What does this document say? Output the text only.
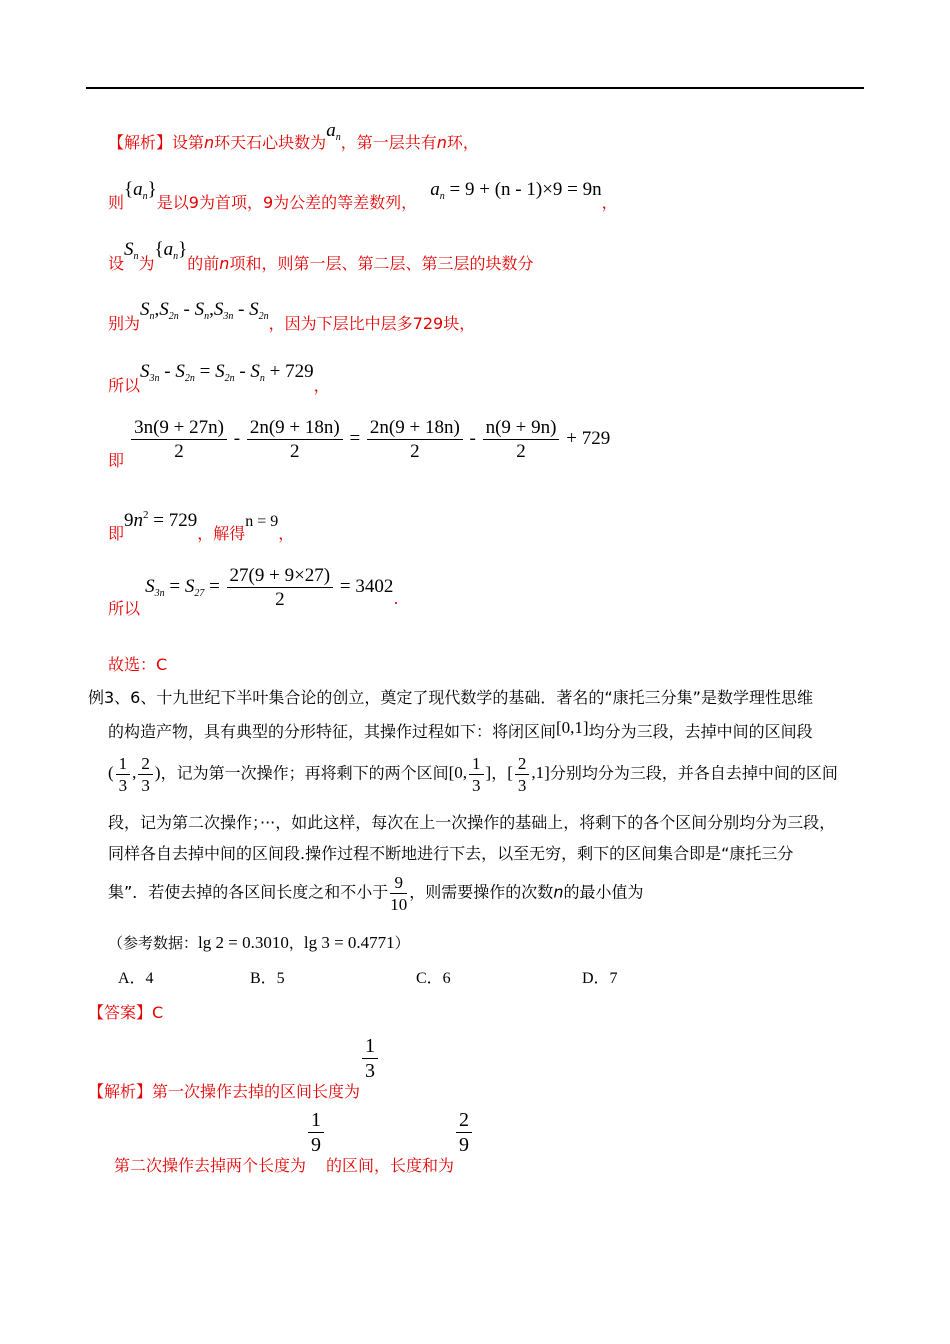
【解析】设第n环天石心块数为$a_n$，第一层共有n环，
则$\{a_n\}$是以9为首项，9为公差的等差数列， $a_n = 9 + (n - 1)\times 9 = 9n$，
设$S_n$为$\{a_n\}$的前n项和，则第一层、第二层、第三层的块数分
别为$S_n,S_{2n} - S_n,S_{3n} - S_{2n}$，因为下层比中层多729块，
所以$S_{3n} - S_{2n} = S_{2n} - S_n + 729$，
即 $\frac{3n(9 + 27n)}{2} - \frac{2n(9 + 18n)}{2} = \frac{2n(9 + 18n)}{2} - \frac{n(9 + 9n)}{2} + 729$
即$9n^2 = 729$，解得n = 9，
所以 $S_{3n} = S_{27} = \frac{27(9 + 9\times 27)}{2} = 3402$.
故选：C
例3、6、十九世纪下半叶集合论的创立，奠定了现代数学的基础．著名的“康托三分集”是数学理性思维
的构造产物，具有典型的分形特征，其操作过程如下：将闭区间[0,1]均分为三段，去掉中间的区间段
( $\frac{1}{3}$ , $\frac{2}{3}$ )，记为第一次操作；再将剩下的两个区间[0, $\frac{1}{3}$ ]，[ $\frac{2}{3} ,1$]分别均分为三段，并各自去掉中间的区间
段，记为第二次操作；···，如此这样，每次在上一次操作的基础上，将剩下的各个区间分别均分为三段，
同样各自去掉中间的区间段.操作过程不断地进行下去，以至无穷，剩下的区间集合即是“康托三分
集”．若使去掉的各区间长度之和不小于 $\frac{9}{10}$ ，则需要操作的次数n的最小值为
（参考数据：lg 2 = 0.3010，lg 3 = 0.4771）
A．4	B．5	C．6	D．7
【答案】C
【解析】第一次操作去掉的区间长度为
$\frac{1}{3}$
第二次操作去掉两个长度为
$\frac{1}{9}$
的区间，长度和为
$\frac{2}{9}$
